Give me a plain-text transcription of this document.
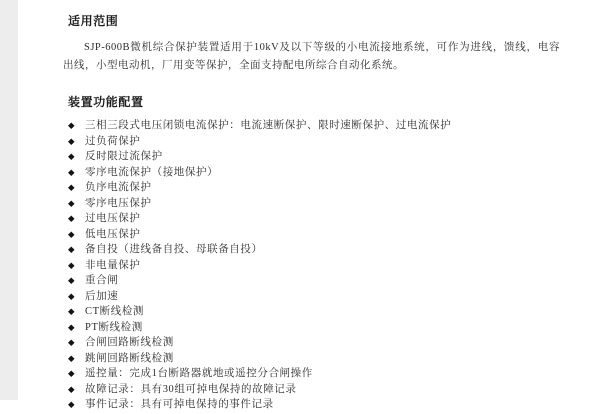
适用范围

SJP-600B微机综合保护装置适用于10kV及以下等级的小电流接地系统，可作为进线，馈线，电容出线，小型电动机，厂用变等保护，全面支持配电所综合自动化系统。

装置功能配置
◆ 三相三段式电压闭锁电流保护：电流速断保护、限时速断保护、过电流保护
◆ 过负荷保护
◆ 反时限过流保护
◆ 零序电流保护（接地保护）
◆ 负序电流保护
◆ 零序电压保护
◆ 过电压保护
◆ 低电压保护
◆ 备自投（进线备自投、母联备自投）
◆ 非电量保护
◆ 重合闸
◆ 后加速
◆ CT断线检测
◆ PT断线检测
◆ 合闸回路断线检测
◆ 跳闸回路断线检测
◆ 遥控量：完成1台断路器就地或遥控分合闸操作
◆ 故障记录：具有30组可掉电保持的故障记录
◆ 事件记录：具有可掉电保持的事件记录
